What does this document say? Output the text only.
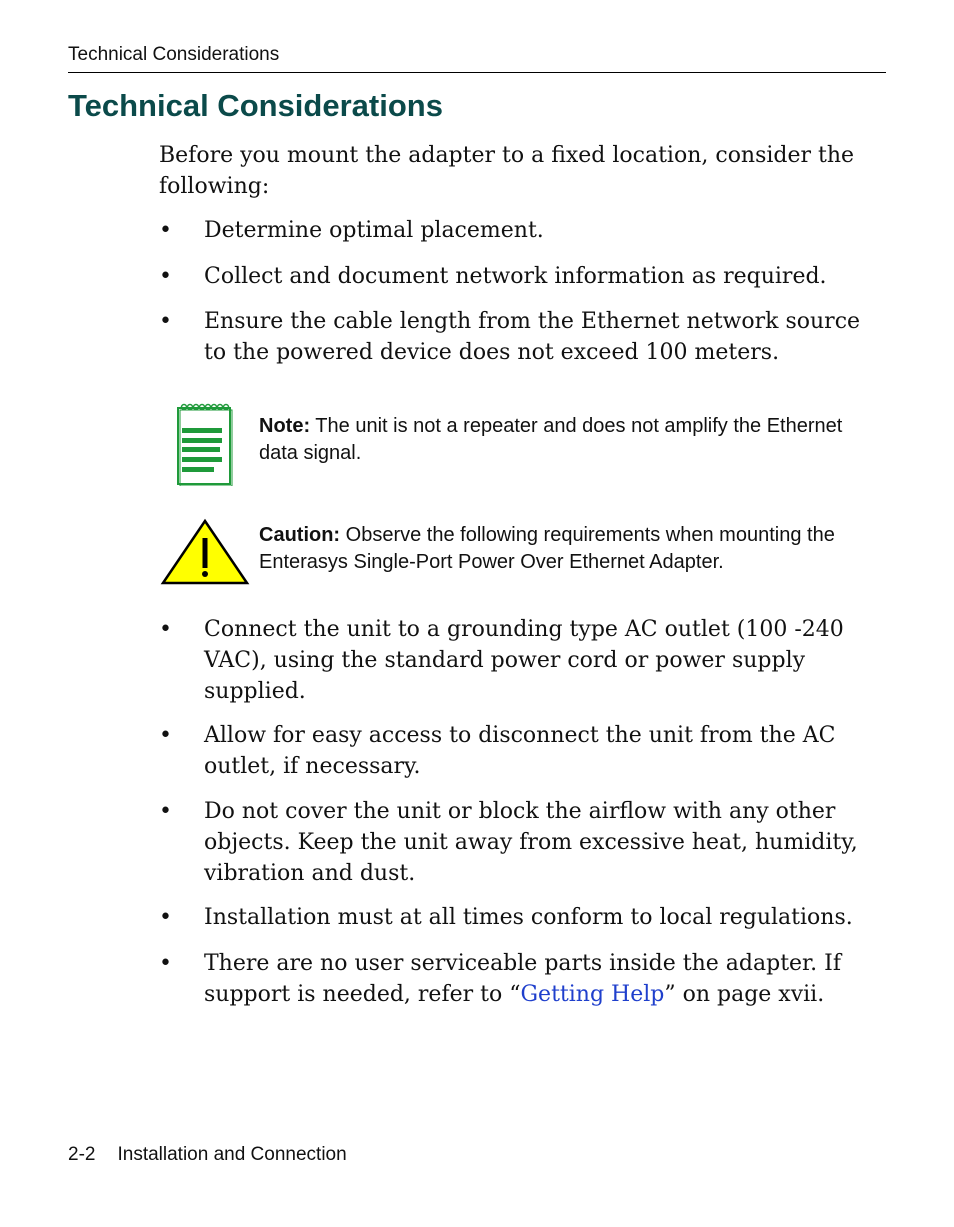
Technical Considerations
Technical Considerations

Before you mount the adapter to a fixed location, consider the following:

•	Determine optimal placement.
•	Collect and document network information as required.
•	Ensure the cable length from the Ethernet network source to the powered device does not exceed 100 meters.
Note: The unit is not a repeater and does not amplify the Ethernet data signal.
Caution: Observe the following requirements when mounting the Enterasys Single-Port Power Over Ethernet Adapter.
•	Connect the unit to a grounding type AC outlet (100 -240 VAC), using the standard power cord or power supply supplied.
•	Allow for easy access to disconnect the unit from the AC outlet, if necessary.
•	Do not cover the unit or block the airflow with any other objects. Keep the unit away from excessive heat, humidity, vibration and dust.
•	Installation must at all times conform to local regulations.
•	There are no user serviceable parts inside the adapter. If support is needed, refer to “Getting Help” on page xvii.
2-2 Installation and Connection
